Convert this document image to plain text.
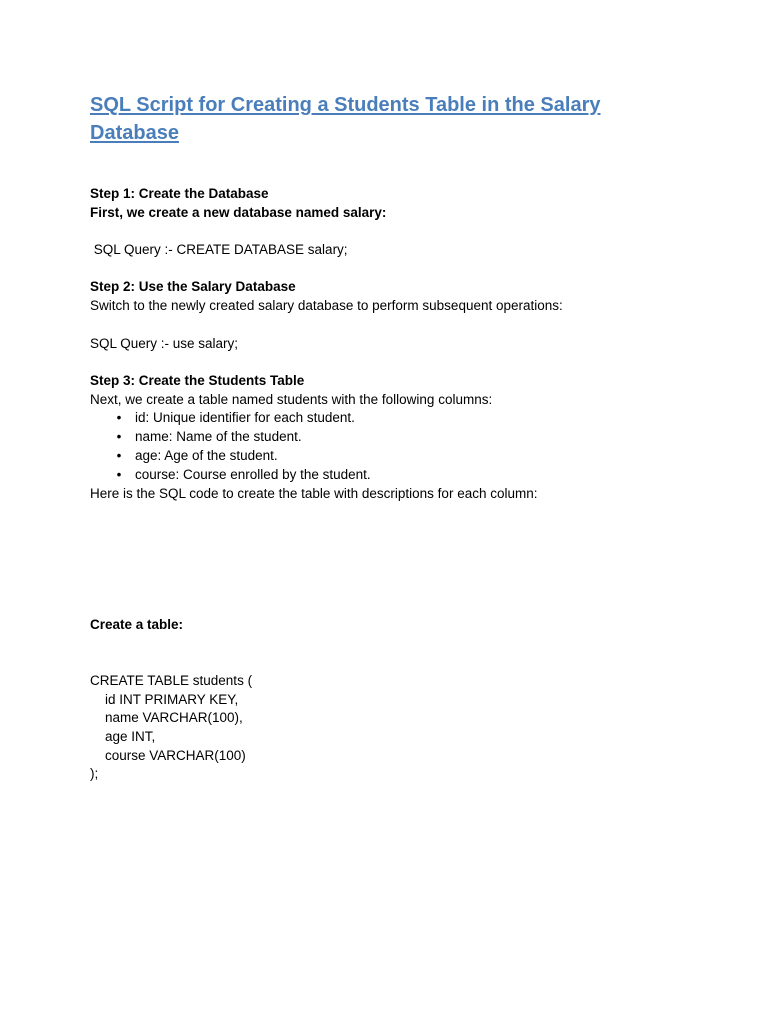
SQL Script for Creating a Students Table in the Salary Database

Step 1: Create the Database

First, we create a new database named salary:

SQL Query :- CREATE DATABASE salary;

Step 2: Use the Salary Database

Switch to the newly created salary database to perform subsequent operations:

SQL Query :- use salary;

Step 3: Create the Students Table

Next, we create a table named students with the following columns:

• id: Unique identifier for each student.
• name: Name of the student.
• age: Age of the student.
• course: Course enrolled by the student.

Here is the SQL code to create the table with descriptions for each column:

Create a table:

CREATE TABLE students (
id INT PRIMARY KEY,
name VARCHAR(100),
age INT,
course VARCHAR(100)
);
